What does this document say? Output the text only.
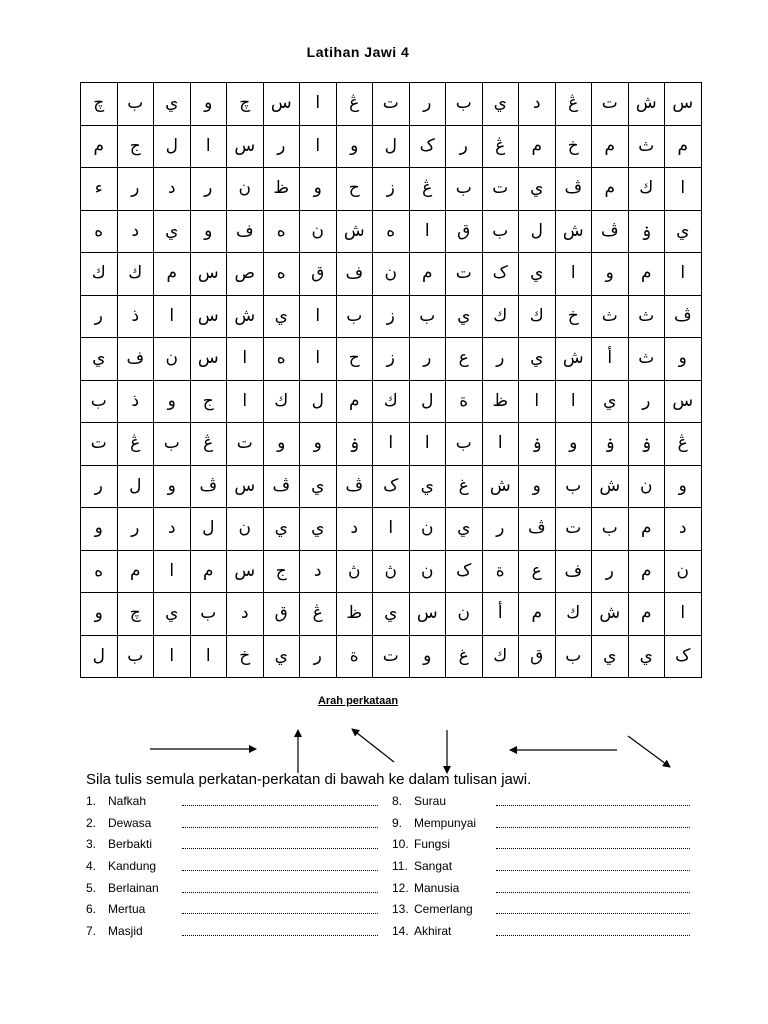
Latihan Jawi 4
چ	ب	ي	و	چ	س	ا	ڠ	ت	ر	ب	ي	د	ڠ	ت	ش	س
م	ج	ل	ا	س	ر	ا	و	ل	ک	ر	ڠ	م	خ	م	ث	م
ء	ر	د	ر	ن	ظ	و	ح	ز	ڠ	ب	ت	ي	ڤ	م	ك	ا
ه	د	ي	و	ف	ه	ن	ش	ه	ا	ق	ب	ل	ش	ڤ	ۏ	ي
ك	ك	م	س	ص	ه	ق	ف	ن	م	ت	ک	ي	ا	و	م	ا
ر	ذ	ا	س	ش	ي	ا	ب	ز	ب	ي	ك	ك	خ	ث	ث	ڤ
ي	ف	ن	س	ا	ه	ا	ح	ز	ر	ع	ر	ي	ش	أ	ث	و
ب	ذ	و	ج	ا	ك	ل	م	ك	ل	ة	ظ	ا	ا	ي	ر	س
ت	ڠ	ب	ڠ	ت	و	و	ۏ	ا	ا	ب	ا	ۏ	و	ۏ	ۏ	ڠ
ر	ل	و	ڤ	س	ڤ	ي	ڤ	ک	ي	غ	ش	و	ب	ش	ن	و
و	ر	د	ل	ن	ي	ي	د	ا	ن	ي	ر	ڤ	ت	ب	م	د
ه	م	ا	م	س	ج	د	ڽ	ڽ	ن	ک	ة	ع	ف	ر	م	ن
و	چ	ي	ب	د	ق	ڠ	ظ	ي	س	ن	أ	م	ك	ش	م	ا
ل	ب	ا	ا	خ	ي	ر	ة	ت	و	غ	ك	ق	ب	ي	ي	ک
Arah perkataan
Sila tulis semula perkatan-perkatan di bawah ke dalam tulisan jawi.
1. Nafkah
2. Dewasa
3. Berbakti
4. Kandung
5. Berlainan
6. Mertua
7. Masjid
8. Surau
9. Mempunyai
10. Fungsi
11. Sangat
12. Manusia
13. Cemerlang
14. Akhirat
